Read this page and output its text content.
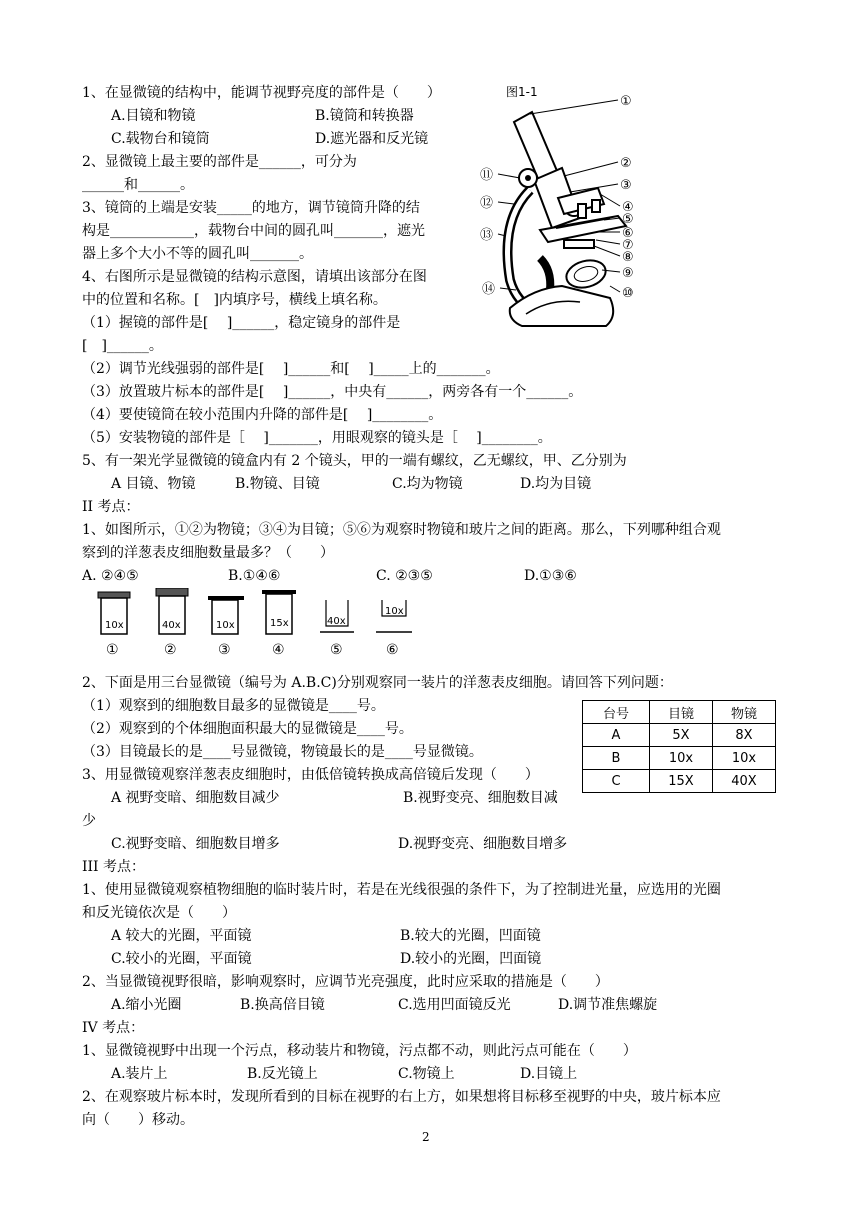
1、在显微镜的结构中，能调节视野亮度的部件是（　　）
A.目镜和物镜	B.镜筒和转换器
C.载物台和镜筒	D.遮光器和反光镜
2、显微镜上最主要的部件是______，可分为
______和______。
3、镜筒的上端是安装_____的地方，调节镜筒升降的结
构是____________，载物台中间的圆孔叫_______，遮光
器上多个大小不等的圆孔叫_______。
4、右图所示是显微镜的结构示意图，请填出该部分在图
中的位置和名称。[　]内填序号，横线上填名称。
（1）握镜的部件是[　 ]______，稳定镜身的部件是
[　]______。
（2）调节光线强弱的部件是[　 ]______和[　 ]_____上的_______。
（3）放置玻片标本的部件是[　 ]______，中央有______，两旁各有一个______。
（4）要使镜筒在较小范围内升降的部件是[　 ]________。
（5）安装物镜的部件是［　 ]_______，用眼观察的镜头是［　 ]________。
5、有一架光学显微镜的镜盒内有 2 个镜头，甲的一端有螺纹，乙无螺纹，甲、乙分别为
A 目镜、物镜	B.物镜、目镜	C.均为物镜	D.均为目镜
II 考点：
1、如图所示，①②为物镜；③④为目镜；⑤⑥为观察时物镜和玻片之间的距离。那么，下列哪种组合观
察到的洋葱表皮细胞数量最多？（　　）
A. ②④⑤	B.①④⑥	C. ②③⑤	D.①③⑥
2、下面是用三台显微镜（编号为 A.B.C)分别观察同一装片的洋葱表皮细胞。请回答下列问题：
（1）观察到的细胞数目最多的显微镜是____号。
（2）观察到的个体细胞面积最大的显微镜是____号。
（3）目镜最长的是____号显微镜，物镜最长的是____号显微镜。
3、用显微镜观察洋葱表皮细胞时，由低倍镜转换成高倍镜后发现（　　）
A 视野变暗、细胞数目减少	B.视野变亮、细胞数目减
少
C.视野变暗、细胞数目增多	D.视野变亮、细胞数目增多
III 考点：
1、使用显微镜观察植物细胞的临时装片时，若是在光线很强的条件下，为了控制进光量，应选用的光圈
和反光镜依次是（　　）
A 较大的光圈，平面镜	B.较大的光圈，凹面镜
C.较小的光圈，平面镜	D.较小的光圈，凹面镜
2、当显微镜视野很暗，影响观察时，应调节光亮强度，此时应采取的措施是（　　）
A.缩小光圈	B.换高倍目镜	C.选用凹面镜反光	D.调节准焦螺旋
IV 考点：
1、显微镜视野中出现一个污点，移动装片和物镜，污点都不动，则此污点可能在（　　）
A.装片上	B.反光镜上	C.物镜上	D.目镜上
2、在观察玻片标本时，发现所看到的目标在视野的右上方，如果想将目标移至视野的中央，玻片标本应
向（　　）移动。
图1-1
①
②
③
④
⑤
⑥
⑦
⑧
⑨
⑩
⑪
⑫
⑬
⑭
10x	40x	10x	15x	40x
10x
①	②	③	④	⑤	⑥
台号	目镜	物镜
A	5X	8X
B	10x	10x
C	15X	40X
2
